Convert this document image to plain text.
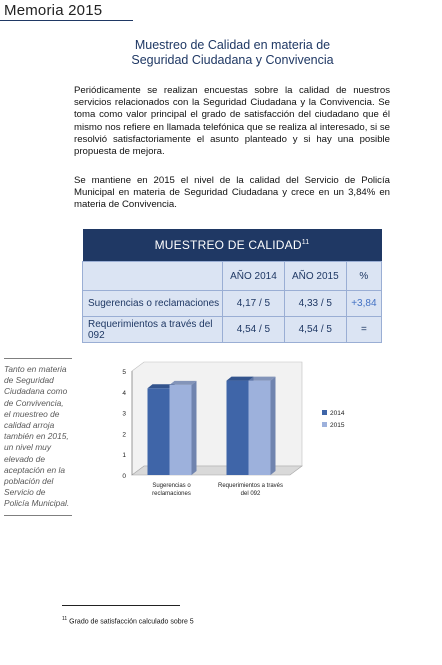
Memoria 2015
Muestreo de Calidad en materia de
Seguridad Ciudadana y Convivencia

Periódicamente se realizan encuestas sobre la calidad de nuestros servicios relacionados con la Seguridad Ciudadana y la Convivencia. Se toma como valor principal el grado de satisfacción del ciudadano que él mismo nos refiere en llamada telefónica que se realiza al interesado, si se resolvió satisfactoriamente el asunto planteado y si hay una posible propuesta de mejora.

Se mantiene en 2015 el nivel de la calidad del Servicio de Policía Municipal en materia de Seguridad Ciudadana y crece en un 3,84% en materia de Convivencia.

MUESTREO DE CALIDAD$^{11}$
	AÑO 2014	AÑO 2015	%
Sugerencias o reclamaciones	4,17 / 5	4,33 / 5	+3,84
Requerimientos a través del 092	4,54 / 5	4,54 / 5	=

Tanto en materia de Seguridad Ciudadana como de Convivencia, el muestreo de calidad arroja también en 2015, un nivel muy elevado de aceptación en la población del Servicio de Policía Municipal.

0
1
2
3
4
5
Sugerencias o
reclamaciones
Requerimientos a través
del 092
2014
2015
$^{11}$ Grado de satisfacción calculado sobre 5
